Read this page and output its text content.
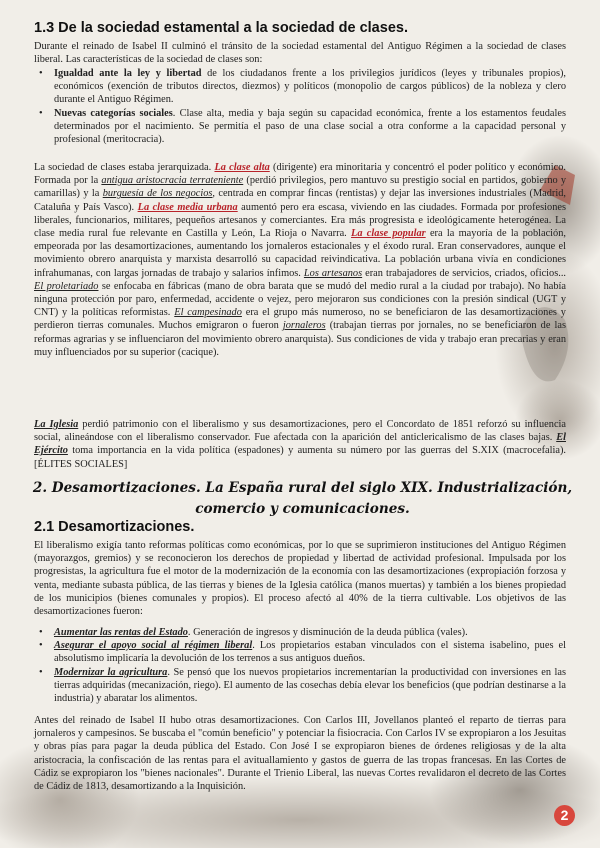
1.3 De la sociedad estamental a la sociedad de clases.

Durante el reinado de Isabel II culminó el tránsito de la sociedad estamental del Antiguo Régimen a la sociedad de clases liberal. Las características de la sociedad de clases son:

• Igualdad ante la ley y libertad de los ciudadanos frente a los privilegios jurídicos (leyes y tribunales propios), económicos (exención de tributos directos, diezmos) y políticos (monopolio de cargos públicos) de la nobleza y clero durante el Antiguo Régimen.
• Nuevas categorías sociales. Clase alta, media y baja según su capacidad económica, frente a los estamentos feudales determinados por el nacimiento. Se permitía el paso de una clase social a otra conforme a la capacidad personal y profesional (meritocracia).

La sociedad de clases estaba jerarquizada. La clase alta (dirigente) era minoritaria y concentró el poder político y económico. Formada por la antigua aristocracia terrateniente (perdió privilegios, pero mantuvo su prestigio social en partidos, gobierno y camarillas) y la burguesía de los negocios, centrada en comprar fincas (rentistas) y dejar las inversiones industriales (Madrid, Cataluña y País Vasco). La clase media urbana aumentó pero era escasa, viviendo en las ciudades. Formada por profesiones liberales, funcionarios, militares, pequeños artesanos y comerciantes. Era más progresista e ideológicamente heterogénea. La clase media rural fue relevante en Castilla y León, La Rioja o Navarra. La clase popular era la mayoría de la población, empeorada por las desamortizaciones, aumentando los jornaleros estacionales y el éxodo rural. Eran conservadores, aunque el movimiento obrero anarquista y marxista desarrolló su capacidad reivindicativa. La población urbana vivía en condiciones infrahumanas, con largas jornadas de trabajo y salarios ínfimos. Los artesanos eran trabajadores de servicios, criados, oficios... El proletariado se enfocaba en fábricas (mano de obra barata que se mudó del medio rural a la ciudad por trabajo). No había ninguna protección por paro, enfermedad, accidente o vejez, pero mejoraron sus condiciones con la presión sindical (UGT y CNT) y la políticas reformistas. El campesinado era el grupo más numeroso, no se beneficiaron de las desamortizaciones y perdieron tierras comunales. Muchos emigraron o fueron jornaleros (trabajan tierras por jornales, no se beneficiaron de las reformas agrarias y se influenciaron del movimiento obrero anarquista). Sus condiciones de vida y trabajo eran precarias y eran muy influenciados por su superior (cacique).

La Iglesia perdió patrimonio con el liberalismo y sus desamortizaciones, pero el Concordato de 1851 reforzó su influencia social, alineándose con el liberalismo conservador. Fue afectada con la aparición del anticlericalismo de las clases bajas. El Ejército toma importancia en la vida política (espadones) y aumenta su número por las guerras del S.XIX (macrocefalia). [ÉLITES SOCIALES]

2. Desamortizaciones. La España rural del siglo XIX. Industrialización,
comercio y comunicaciones.
2.1 Desamortizaciones.

El liberalismo exigía tanto reformas políticas como económicas, por lo que se suprimieron instituciones del Antiguo Régimen (mayorazgos, gremios) y se reconocieron los derechos de propiedad y libertad de actividad profesional. Impulsada por los progresistas, la agricultura fue el motor de la modernización de la economía con las desamortizaciones (expropiación forzosa y venta, mediante subasta pública, de las tierras y bienes de la Iglesia católica (manos muertas) y también a los bienes propiedad de los municipios (bienes comunales y propios). El proceso afectó al 40% de la tierra cultivable. Los objetivos de las desamortizaciones fueron:

• Aumentar las rentas del Estado. Generación de ingresos y disminución de la deuda pública (vales).
• Asegurar el apoyo social al régimen liberal. Los propietarios estaban vinculados con el sistema isabelino, pues el absolutismo implicaría la devolución de los terrenos a sus antiguos dueños.
• Modernizar la agricultura. Se pensó que los nuevos propietarios incrementarían la productividad con inversiones en las tierras adquiridas (mecanización, riego). El aumento de las cosechas debía elevar los beneficios (que podrían destinarse a la industria) y abaratar los alimentos.

Antes del reinado de Isabel II hubo otras desamortizaciones. Con Carlos III, Jovellanos planteó el reparto de tierras para jornaleros y campesinos. Se buscaba el "común beneficio" y potenciar la fisiocracia. Con Carlos IV se expropiaron a los Jesuitas y obras pías para pagar la deuda pública del Estado. Con José I se expropiaron bienes de órdenes religiosas y de la alta aristocracia, la confiscación de las rentas para el avituallamiento y gastos de guerra de las tropas francesas. En las Cortes de Cádiz se expropiaron los "bienes nacionales". Durante el Trienio Liberal, las nuevas Cortes revalidaron el decreto de las Cortes de Cádiz de 1813, desamortizando a la Inquisición.

2
